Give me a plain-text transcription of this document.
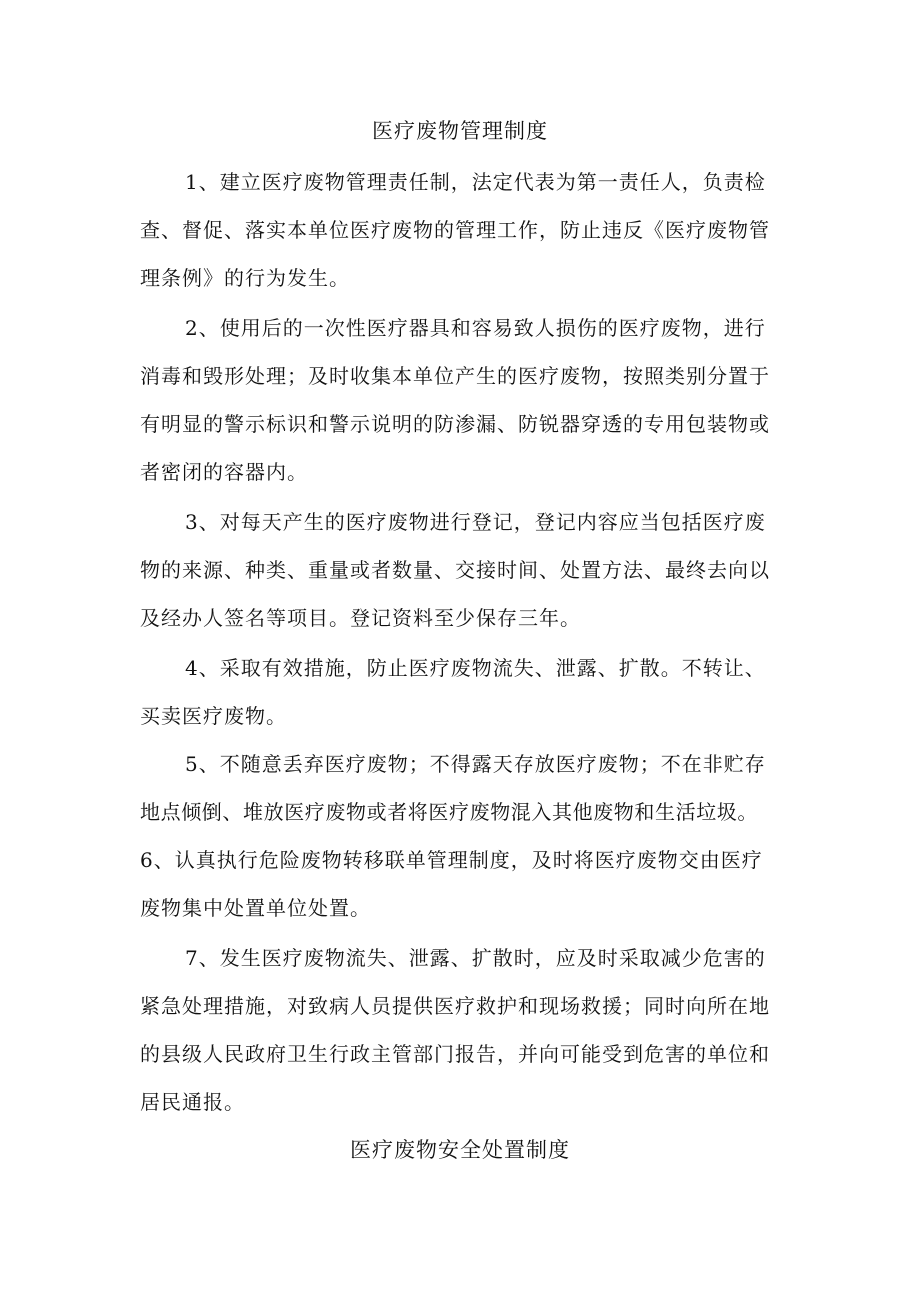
医疗废物管理制度
1、建立医疗废物管理责任制，法定代表为第一责任人，负责检
查、督促、落实本单位医疗废物的管理工作，防止违反《医疗废物管
理条例》的行为发生。
2、使用后的一次性医疗器具和容易致人损伤的医疗废物，进行
消毒和毁形处理；及时收集本单位产生的医疗废物，按照类别分置于
有明显的警示标识和警示说明的防渗漏、防锐器穿透的专用包装物或
者密闭的容器内。
3、对每天产生的医疗废物进行登记，登记内容应当包括医疗废
物的来源、种类、重量或者数量、交接时间、处置方法、最终去向以
及经办人签名等项目。登记资料至少保存三年。
4、采取有效措施，防止医疗废物流失、泄露、扩散。不转让、
买卖医疗废物。
5、不随意丢弃医疗废物；不得露天存放医疗废物；不在非贮存
地点倾倒、堆放医疗废物或者将医疗废物混入其他废物和生活垃圾。
6、认真执行危险废物转移联单管理制度，及时将医疗废物交由医疗
废物集中处置单位处置。
7、发生医疗废物流失、泄露、扩散时，应及时采取减少危害的
紧急处理措施，对致病人员提供医疗救护和现场救援；同时向所在地
的县级人民政府卫生行政主管部门报告，并向可能受到危害的单位和
居民通报。
医疗废物安全处置制度
